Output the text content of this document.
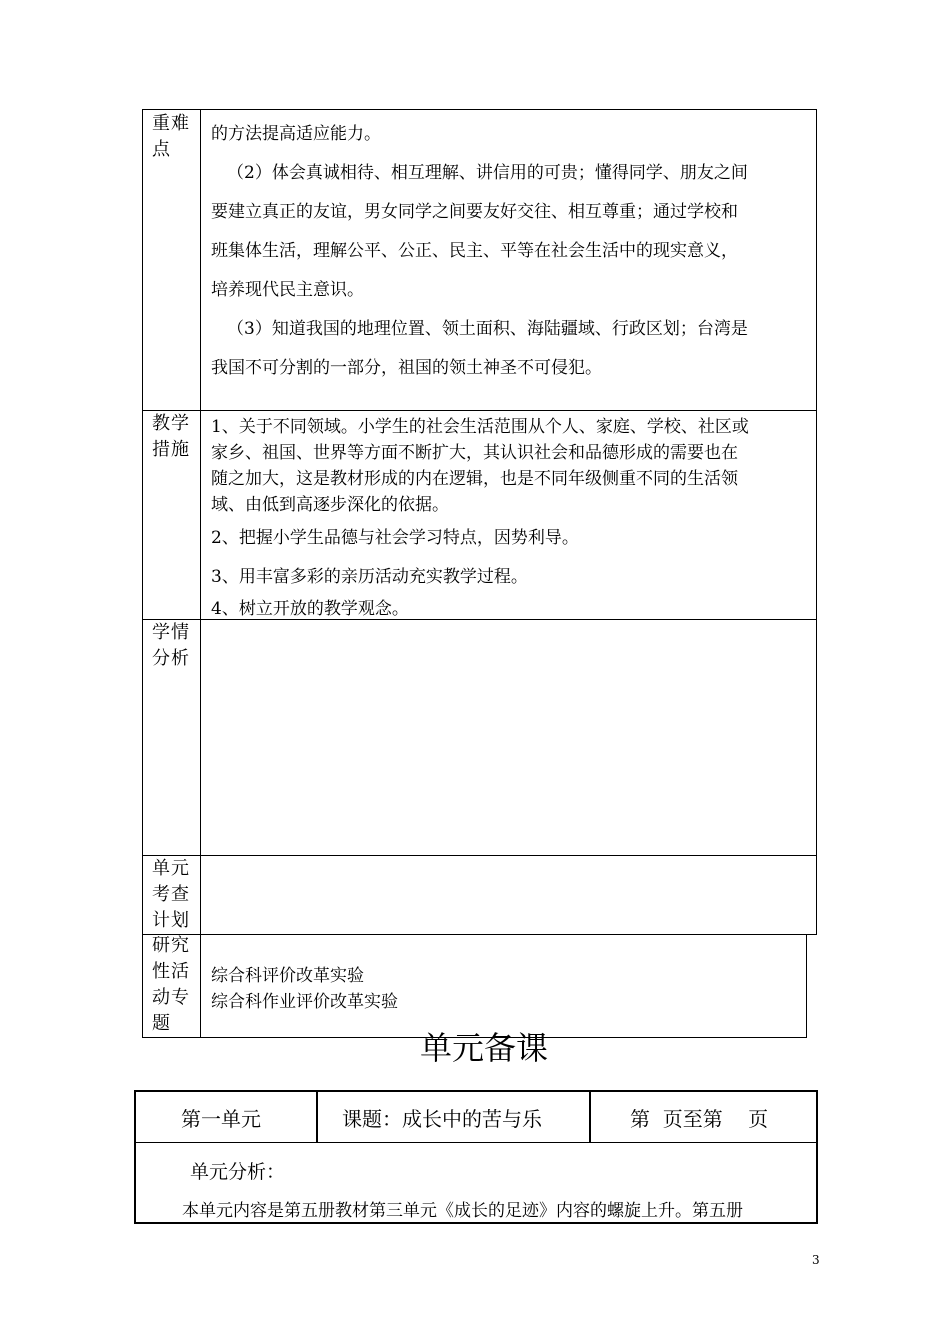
重难
点
的方法提高适应能力。
（2）体会真诚相待、相互理解、讲信用的可贵；懂得同学、朋友之间
要建立真正的友谊，男女同学之间要友好交往、相互尊重；通过学校和
班集体生活，理解公平、公正、民主、平等在社会生活中的现实意义，
培养现代民主意识。
（3）知道我国的地理位置、领土面积、海陆疆域、行政区划；台湾是
我国不可分割的一部分，祖国的领土神圣不可侵犯。
教学
措施
1、关于不同领域。小学生的社会生活范围从个人、家庭、学校、社区或
家乡、祖国、世界等方面不断扩大，其认识社会和品德形成的需要也在
随之加大，这是教材形成的内在逻辑，也是不同年级侧重不同的生活领
域、由低到高逐步深化的依据。
2、把握小学生品德与社会学习特点，因势利导。
3、用丰富多彩的亲历活动充实教学过程。
4、树立开放的教学观念。
学情
分析
单元
考查
计划
研究
性活
动专
题
综合科评价改革实验
综合科作业评价改革实验
单元备课
第一单元	课题：成长中的苦与乐	第  页至第    页
单元分析：
本单元内容是第五册教材第三单元《成长的足迹》内容的螺旋上升。第五册
3
